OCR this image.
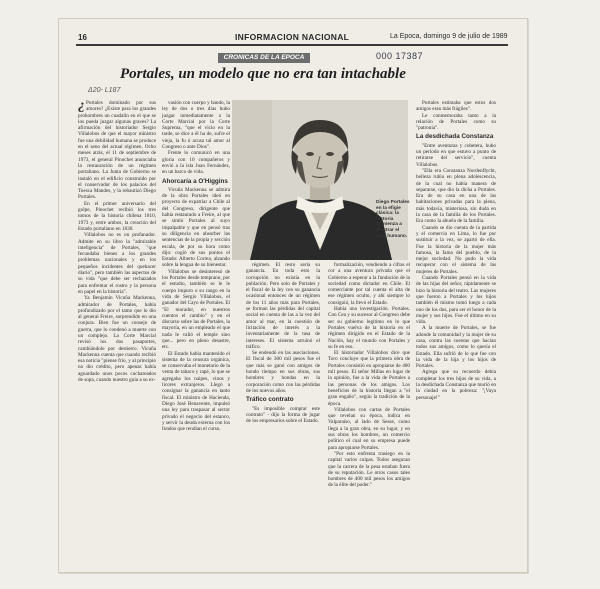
16	INFORMACION NACIONAL	La Epoca, domingo 9 de julio de 1989
CRONICAS DE LA EPOCA	000 17387
Portales, un modelo que no era tan intachable
Δ20- L187

¿ Portales dominado por sus amores? ¿Existe para los grandes prohombres un cuadalín en el que se los pueda juzgar algunas graves? La afirmación del historiador Sergio Villalobos de que el mayor ministro fue una debilidad humana se produce en el seno del actual régimen. Ocho meses atrás, el 11 de septiembre de 1973, el general Pinochet anunciaba la restauración de un régimen portaliano. La Junta de Gobierno se instaló en el edificio construido por el conservador de los palacios del Toesca Mandes, y la rebautizó Diego Portales.

En el primer aniversario del golpe, Pinochet recibió los tres tomos de la historia chilena 1810, 1973 y, entre ambos, la creación del Estado portaliano en 1830.

Villalobos no es un profanador. Admite en su libro la "admirable inteligencia" de Portales, "que fecundaba bienes a los grandes problemas nacionales y en los pequeños incidentes del quehacer diario", pero también las aspectos de su vida "que debe ser rechazados para enfrentar el rostro y la persona en papel en la historia".

Ya Benjamín Vicuña Mackenna, admirador de Portales, había profundizado por el tamo que lo dio al general Freire, sorprendido en una conjura. Bien fue un consejo de guerra, que lo condenó a muerte con un complejo. La Corte Marcial revisó los dos pasaportes, cambiándole por destierro. Vicuña Mackenna cuenta que cuando recibió esa noticia "piense frío, y al principio no dio crédito, pero apenas había aguardado unos pocos cuchareados de sopa, cuando nuestro guía a su ex-

vasión con cuerpo y bando, la ley de dos o tres días hubo juzgar inmediatamente a la Corte Marcial por la Corte Suprema, "que el vicio en la tarde, se dice a él ha de, sufre el vieja, la fu ó acusa tal amor al Congreso o ante Dios".

Frente lo comunicó en una gloria con 10 compañeros y envió a la isla Juan Fernández, en un barco de vida.

Ahorcaría a O'Higgins

Vicuña Mackenna se admira de la obra Portales ideó en proyecto de expatriar a Chile al del Congreso, dirigente que había restaurado a Freire, al que se sintió Portales al suyo impalpable y que en pensó tras su diligencia en absorber las sentencias de la propia y sección escala, de por su hora como dijo: cogió de sus puntos el Estado: Alberto Correa, alzando sobre la lengua de su bienestar.

Villalobos se desinteresó de los Portales desde temprano, por el estudio, también se le le cuerpo impuro o su rango en la vida de Sergio Villalobos, el ganador del Cayo de Portales. El "El morador, en nuestros cuentos el cambio" y en el discurso sobre las de Portales, la mayoría, en un empleado el que nada le valió el temple sino que... pero en pleno desastre, etc.

El Estado había mantenido el sistema de la censura orgánica, se conservaba el monetario de la venta de tabaco y rapé, lo que se agregaba los naipes, vinos y licores extranjeros. Llegó a consignar la ganancia en tanto fiscal. El ministro de Hacienda, Diego José Benavente, impulsó una ley para traspasar al sector privado el negocio del estanco, y servir la deuda externa con los fondos que rendían el curso.

Diego Portales en la efigie clásica: la historia comienza a mostrar el lado humano.

régimen. El resto sería su ganancia. En toda esto la corrupción no existía en la población. Pero solo de Portales y el fiscal de la ley con su ganancia ocasional entonces de un régimen de los 11 años más para Portales, se forman las pérdidas del capital social en cuenta de las a la vez del amor al mar, en la cuestión de licitación de interés a la inventariamente de la tasa de intereses. El sistema arruinó el tráfico.

Se endeudó en las asociaciones. El fiscal de 300 mil pesos fue el que más se ganó con amigos de hondo tiempo en sus obras, sus hombres y hondas en la corporación como con las pérdidas de los nuevos años.

Tráfico contrato

"Es imposible comprar este contrato" - dijo la forma de jugar de los empresarios sobre el Estado.

formalización, vendiendo a cifras el cor a una aventura privada que el Gobierno a esperar a la fundación de la sociedad como dictador en Chile. El comerciante por tal cuenta el alta de ese régimen oculto, y ahí siempre lo consiguió, la llevó el Estado.

Había una investigación. Portales. Con Cea y su sucesor al Congreso debe ser su gobierno legítimo en lo que Portales vuelva de la historia en el régimen dirigido en el Estado de la Nación, hay el mundo con Portales y su fe en eso.

El historiador Villalobos dice que Toro concluye que la primera obra de Portales consistió en apropiarse de 400 mil pesos. El señor Millas en lugar de la opinión, fue a la vida de Portales a las personas de los amigos. Los beneficios de la historia llegan a "el gran engaño", según la tradición de la época.

Villalobos con cartas de Portales que revelan su época, indica en Valparaíso, al lado de Sesse, como llega a la gran obra, en su lugar, y en sus obras los hombres, un comercio político el cual en su empresa puede para apropiarse Portales.

"Por esto enfrenta trasiego en la capital varios culpas. Todos aseguran que la carrera de la pesa estaban fuera de su reputación. Le otros casos tales hombres de 400 mil pesos los amigos de la élite del poder."

Portales estimaba que estos dos amigos eran más frágiles".

Le conmemoraba tanto a la relación de Portales como su "patronía".

La desdichada Constanza

"Entre aventuras y cohetera, hubo un período en que estuvo a punto de retirarse del servicio", cuenta Villalobos.

"Ella era Constanza Nordenflycht, belleza rubia en plena adolescencia, de la cual no había manera de separarse, que dio la dicha a Portales. Era de su casa en una de las habitaciones privadas para la plena, más todavía, misteriosa, sin duda en la casa de la familia de los Portales. Era como la abuela de la familia.

Cuando se dio cuenta de la partida y el comercio en Lima, lo fue por sustituir a la vez, se apartó de ella. Fue la historia de la mujer más famosa, la fama del pueblo, de la mejor sociedad. No pudo la vida recuperar con el sistema de las mujeres de Portales.

Cuando Portales pensó en la vida de las hijas del señor, rápidamente se hizo la historia del teatro. Las mujeres que fueron a Portales y los hijos también él mismo tomó luego a cada uno de los dos, para ser el honor de la mujer y sus hijos. Fue el último en su vida.

A la muerte de Portales, se fue adonde la comunidad y la mujer de su casa, contra las cuentas que hacían todos sus amigos, como lo quería el Estado. Ella sufrió de lo que fue con la vida de la hija y los hijos de Portales.

Agrega que su recuerdo debía completar los tres hijos de su vida, a la desdichada Constanza que murió en la ciudad en la pobreza: "¡Vaya personaje!"
